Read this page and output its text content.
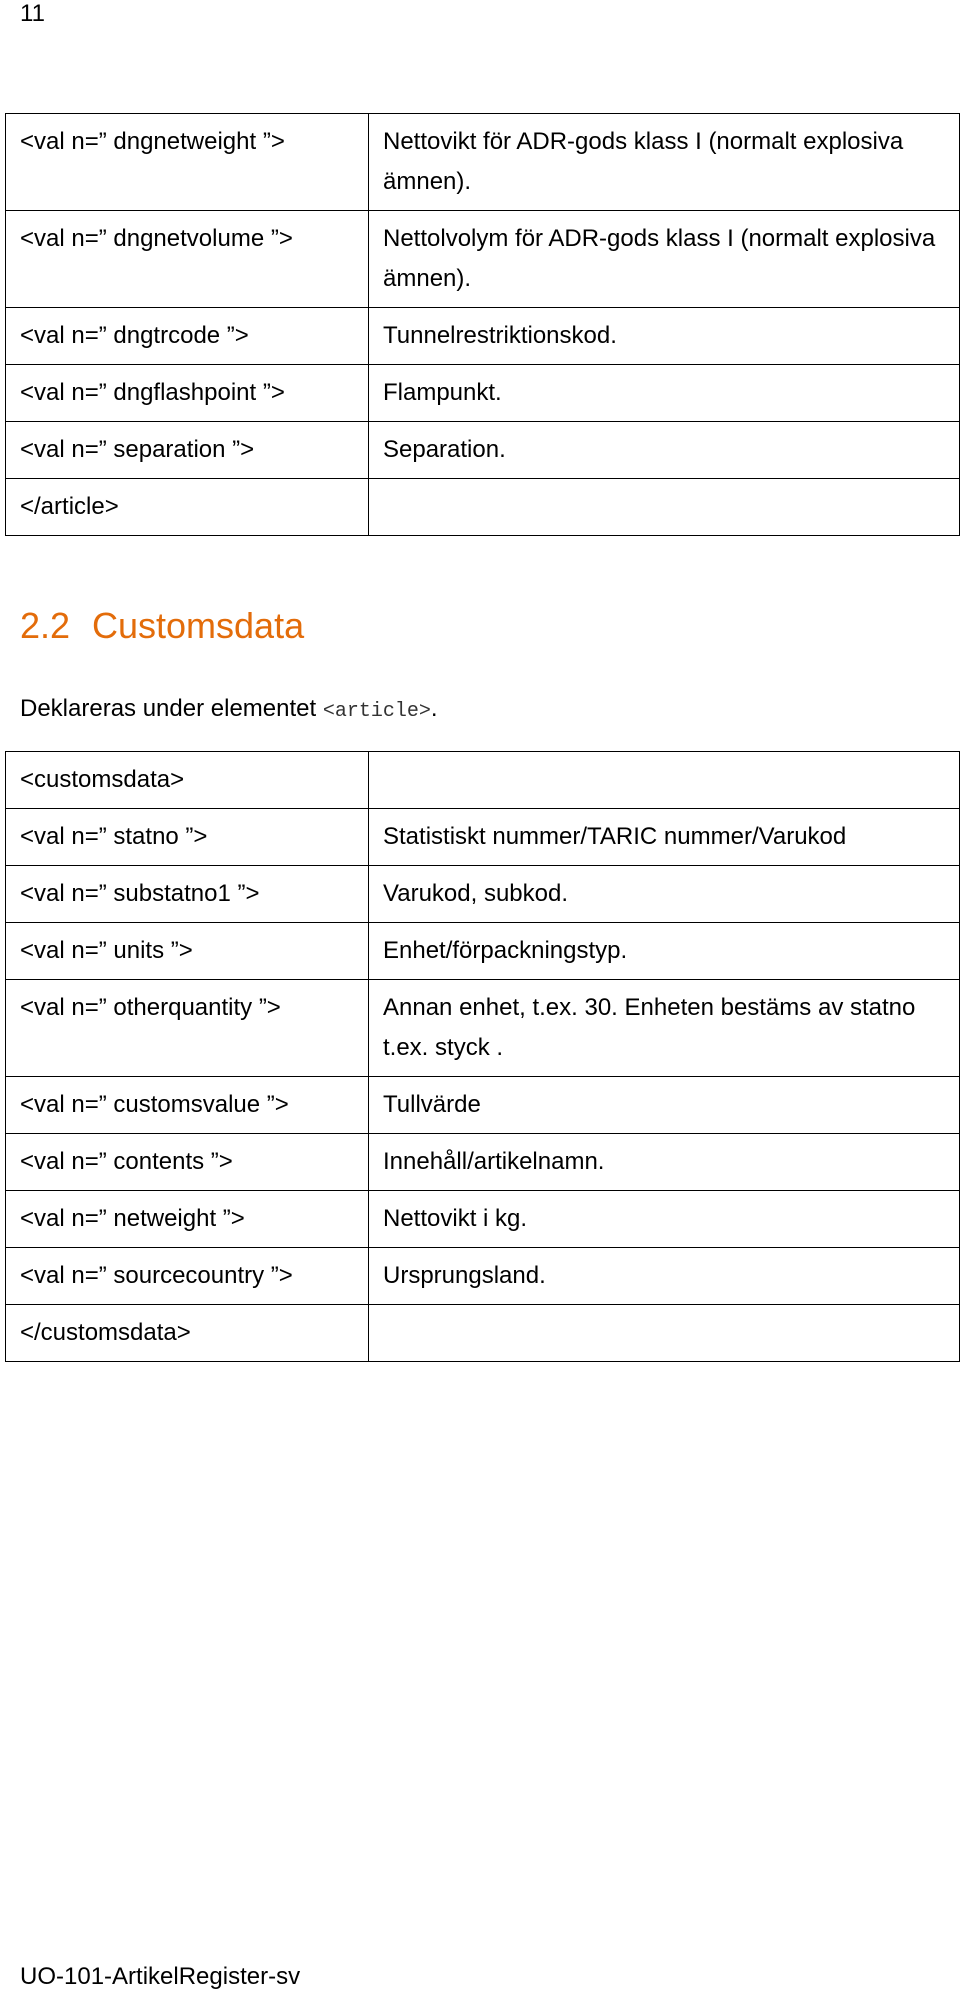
11
<val n=” dngnetweight ”>	Nettovikt för ADR-gods klass I (normalt explosiva ämnen).
<val n=” dngnetvolume ”>	Nettolvolym för ADR-gods klass I (normalt explosiva ämnen).
<val n=” dngtrcode ”>	Tunnelrestriktionskod.
<val n=” dngflashpoint ”>	Flampunkt.
<val n=” separation ”>	Separation.
</article>	
2.2 Customsdata

Deklareras under elementet <article>.

<customsdata>	
<val n=” statno ”>	Statistiskt nummer/TARIC nummer/Varukod
<val n=” substatno1 ”>	Varukod, subkod.
<val n=” units ”>	Enhet/förpackningstyp.
<val n=” otherquantity ”>	Annan enhet, t.ex. 30. Enheten bestäms av statno t.ex. styck .
<val n=” customsvalue ”>	Tullvärde
<val n=” contents ”>	Innehåll/artikelnamn.
<val n=” netweight ”>	Nettovikt i kg.
<val n=” sourcecountry ”>	Ursprungsland.
</customsdata>	
UO-101-ArtikelRegister-sv
